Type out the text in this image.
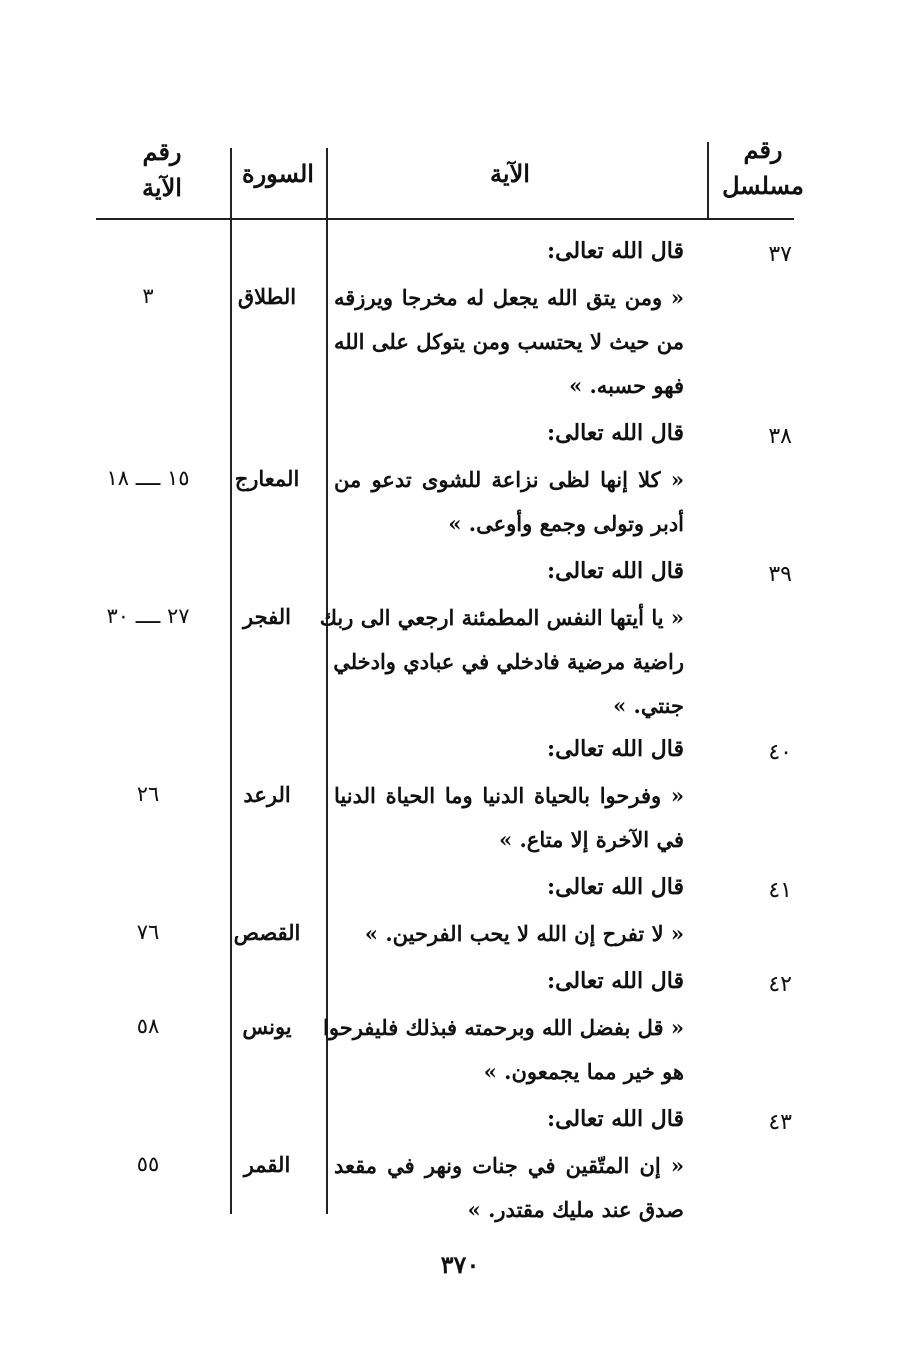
رقم
مسلسل
الآية
السورة
رقم
الآية
٣٧
قال الله تعالى:
« ومن يتق الله يجعل له مخرجا ويرزقه
من حيث لا يحتسب ومن يتوكل على الله
فهو حسبه. »
الطلاق
٣
٣٨
قال الله تعالى:
« كلا إنها لظى نزاعة للشوى تدعو من
أدبر وتولى وجمع وأوعى. »
المعارج
١٥ ــــ ١٨
٣٩
قال الله تعالى:
« يا أيتها النفس المطمئنة ارجعي الى ربك
راضية مرضية فادخلي في عبادي وادخلي
جنتي. »
الفجر
٢٧ ــــ ٣٠
٤٠
قال الله تعالى:
« وفرحوا بالحياة الدنيا وما الحياة الدنيا
في الآخرة إلا متاع. »
الرعد
٢٦
٤١
قال الله تعالى:
« لا تفرح إن الله لا يحب الفرحين. »
القصص
٧٦
٤٢
قال الله تعالى:
« قل بفضل الله وبرحمته فبذلك فليفرحوا
هو خير مما يجمعون. »
يونس
٥٨
٤٣
قال الله تعالى:
« إن المتّقين في جنات ونهر في مقعد
صدق عند مليك مقتدر. »
القمر
٥٥
٣٧٠
